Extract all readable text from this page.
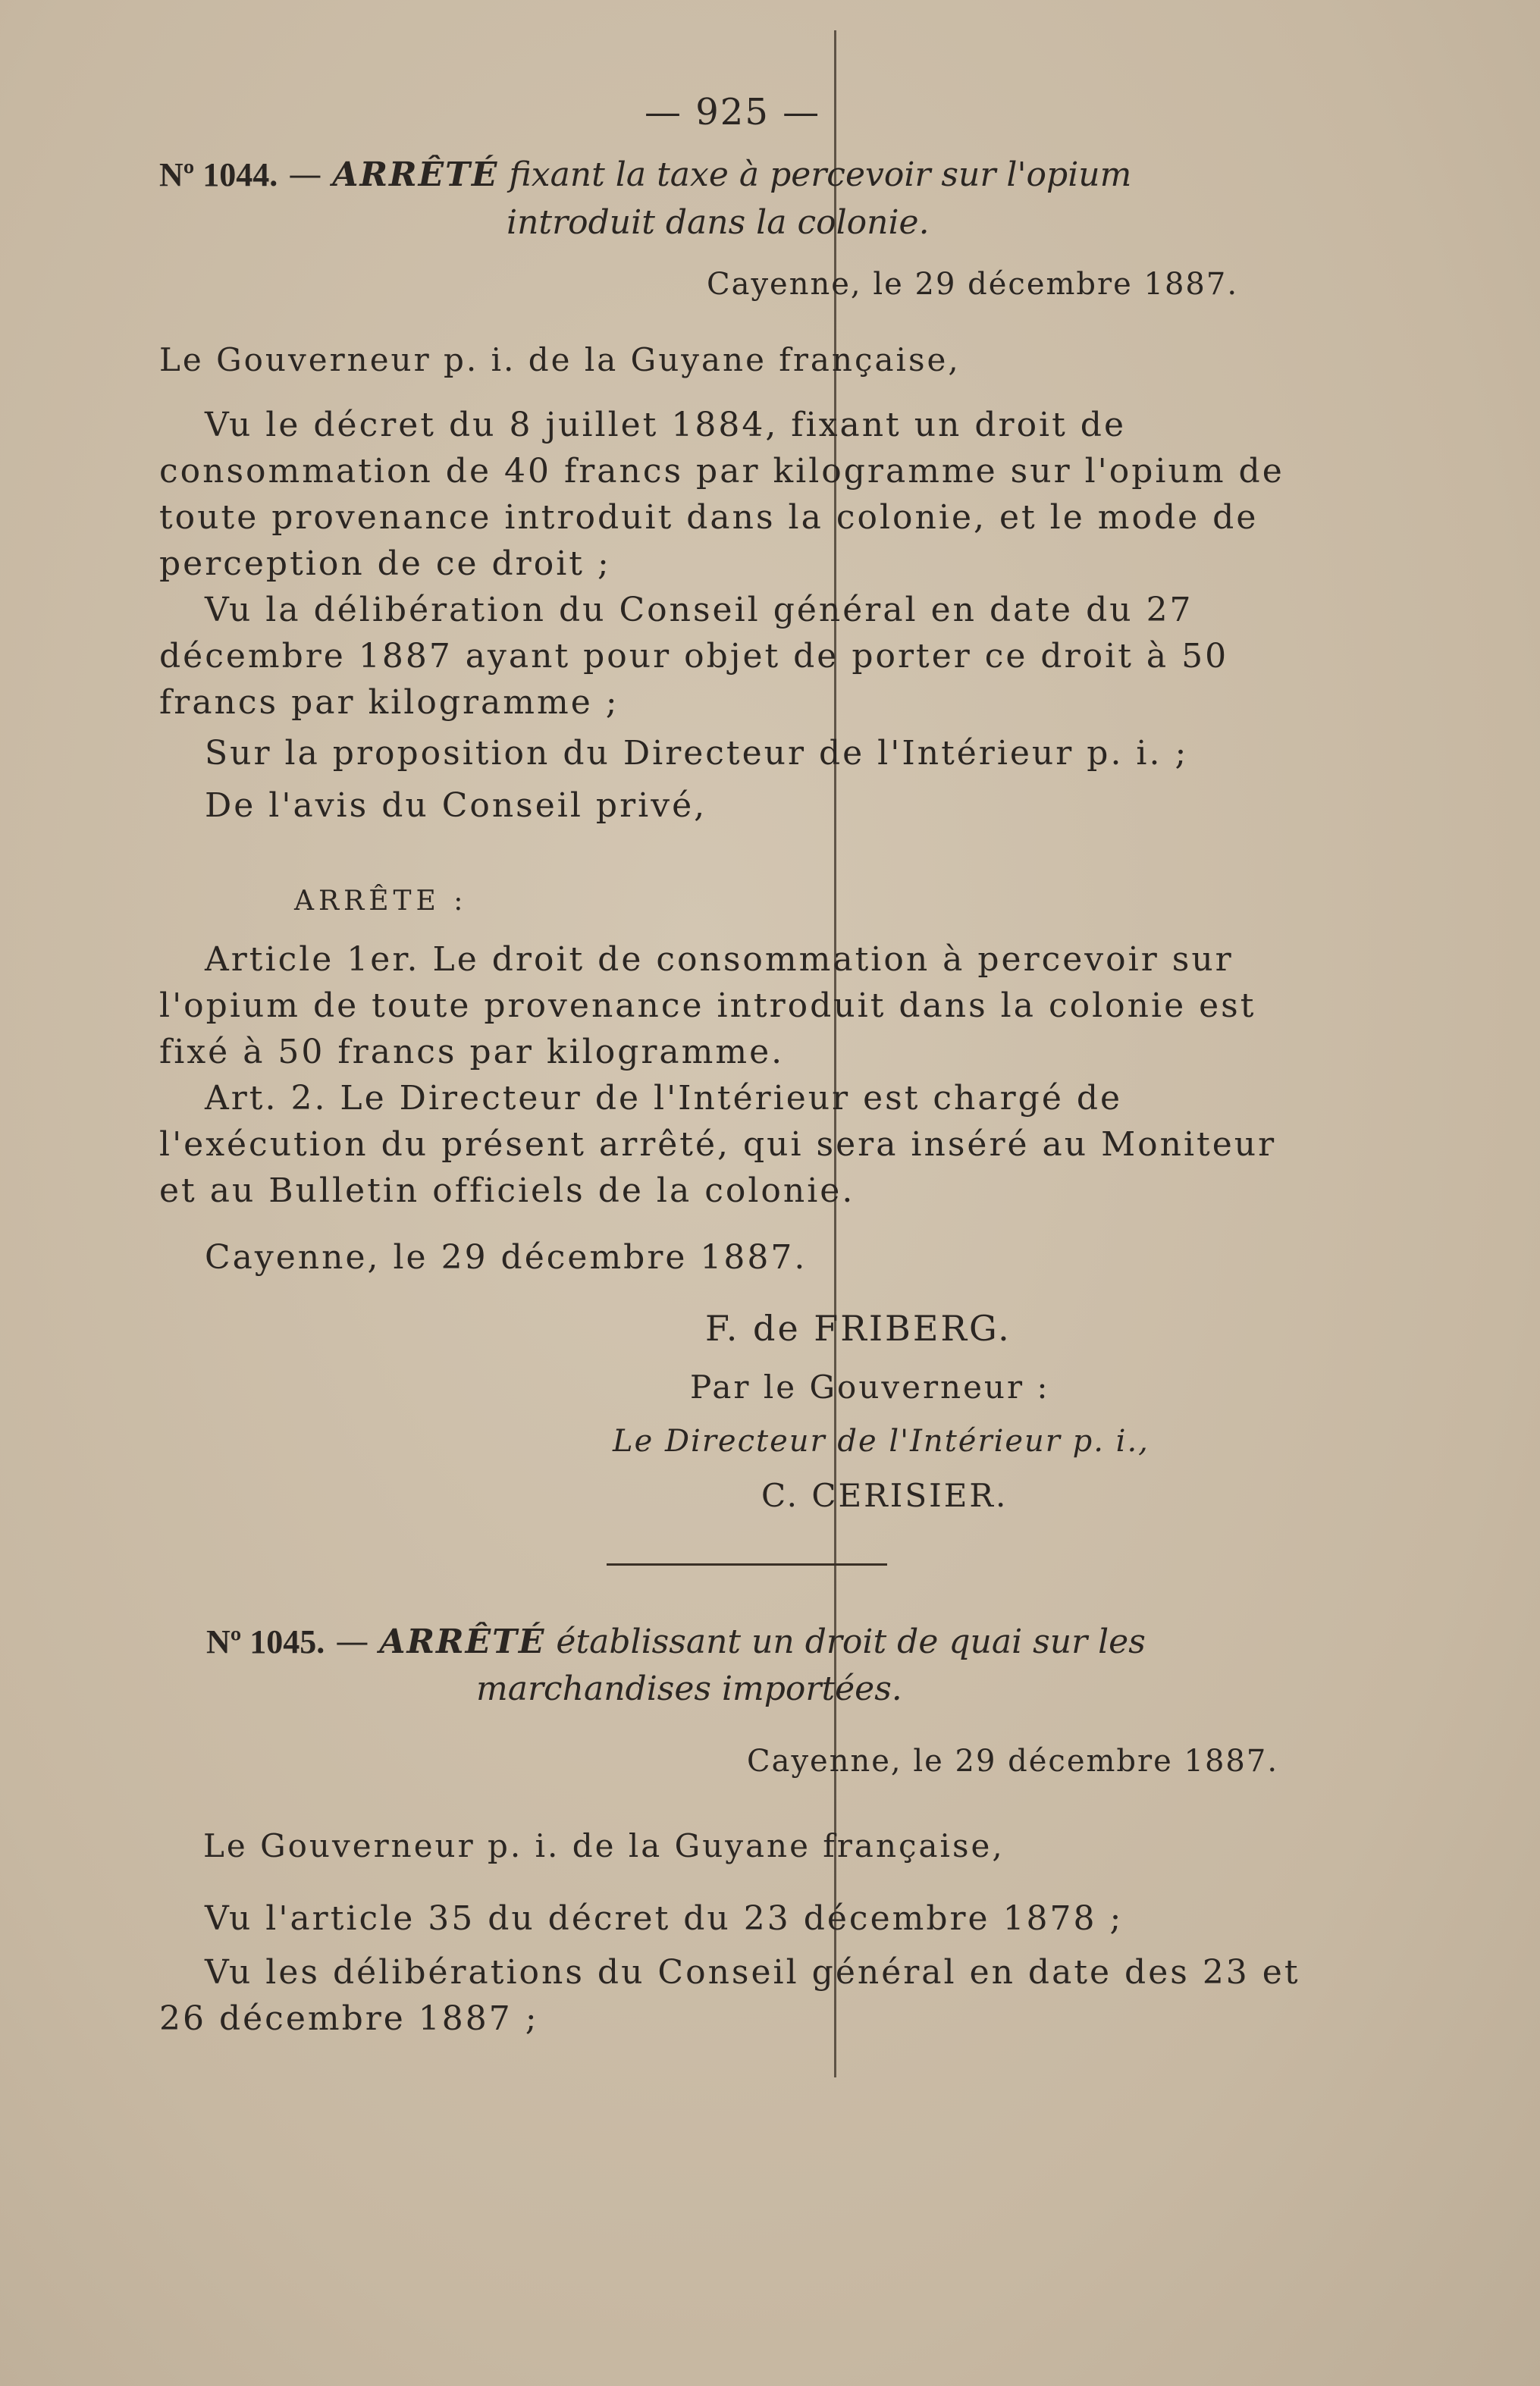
— 925 —
Nº 1044. — ARRÊTÉ fixant la taxe à percevoir sur l'opium
introduit dans la colonie.
Cayenne, le 29 décembre 1887.
Le Gouverneur p. i. de la Guyane française,

Vu le décret du 8 juillet 1884, fixant un droit de consommation de 40 francs par kilogramme sur l'opium de toute provenance introduit dans la colonie, et le mode de perception de ce droit ;

Vu la délibération du Conseil général en date du 27 décembre 1887 ayant pour objet de porter ce droit à 50 francs par kilogramme ;

Sur la proposition du Directeur de l'Intérieur p. i. ;

De l'avis du Conseil privé,

ARRÊTE :

Article 1er. Le droit de consommation à percevoir sur l'opium de toute provenance introduit dans la colonie est fixé à 50 francs par kilogramme.

Art. 2. Le Directeur de l'Intérieur est chargé de l'exécution du présent arrêté, qui sera inséré au Moniteur et au Bulletin officiels de la colonie.

Cayenne, le 29 décembre 1887.
F. de FRIBERG.
Par le Gouverneur :
Le Directeur de l'Intérieur p. i.,
C. CERISIER.
Nº 1045. — ARRÊTÉ établissant un droit de quai sur les
marchandises importées.
Cayenne, le 29 décembre 1887.
Le Gouverneur p. i. de la Guyane française,

Vu l'article 35 du décret du 23 décembre 1878 ;

Vu les délibérations du Conseil général en date des 23 et 26 décembre 1887 ;
